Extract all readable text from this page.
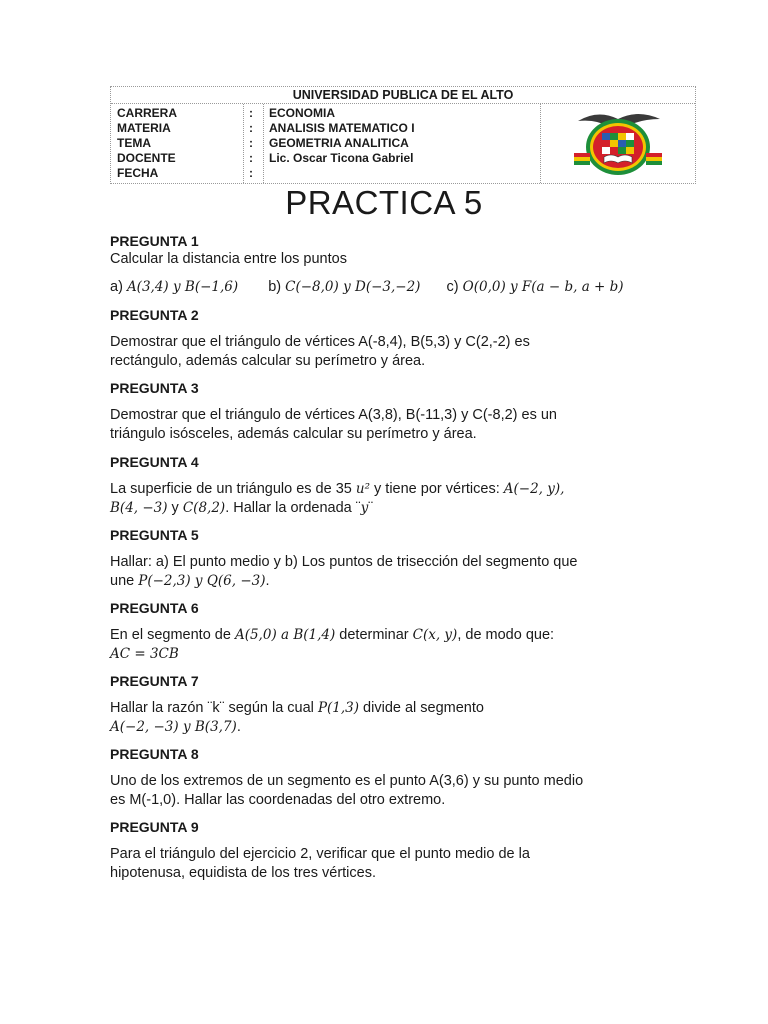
UNIVERSIDAD PUBLICA DE EL ALTO
CARRERA
MATERIA
TEMA
DOCENTE
FECHA
:
:
:
:
:
ECONOMIA
ANALISIS MATEMATICO I
GEOMETRIA ANALITICA
Lic. Oscar Ticona Gabriel
PRACTICA 5
PREGUNTA 1
Calcular la distancia entre los puntos
a) A(3,4) y B(−1,6) b) C(−8,0) y D(−3,−2) c) O(0,0) y F(a − b, a + b)
PREGUNTA 2
Demostrar que el triángulo de vértices A(-8,4), B(5,3) y C(2,-2) es
rectángulo, además calcular su perímetro y área.
PREGUNTA 3
Demostrar que el triángulo de vértices A(3,8), B(-11,3) y C(-8,2) es un
triángulo isósceles, además calcular su perímetro y área.
PREGUNTA 4
La superficie de un triángulo es de 35 u² y tiene por vértices: A(−2, y),
B(4, −3) y C(8,2). Hallar la ordenada ¨y¨
PREGUNTA 5
Hallar: a) El punto medio y b) Los puntos de trisección del segmento que
une P(−2,3) y Q(6, −3).
PREGUNTA 6
En el segmento de A(5,0) a B(1,4) determinar C(x, y), de modo que:
AC = 3CB
PREGUNTA 7
Hallar la razón ¨k¨ según la cual P(1,3) divide al segmento
A(−2, −3) y B(3,7).
PREGUNTA 8
Uno de los extremos de un segmento es el punto A(3,6) y su punto medio
es M(-1,0). Hallar las coordenadas del otro extremo.
PREGUNTA 9
Para el triángulo del ejercicio 2, verificar que el punto medio de la
hipotenusa, equidista de los tres vértices.
